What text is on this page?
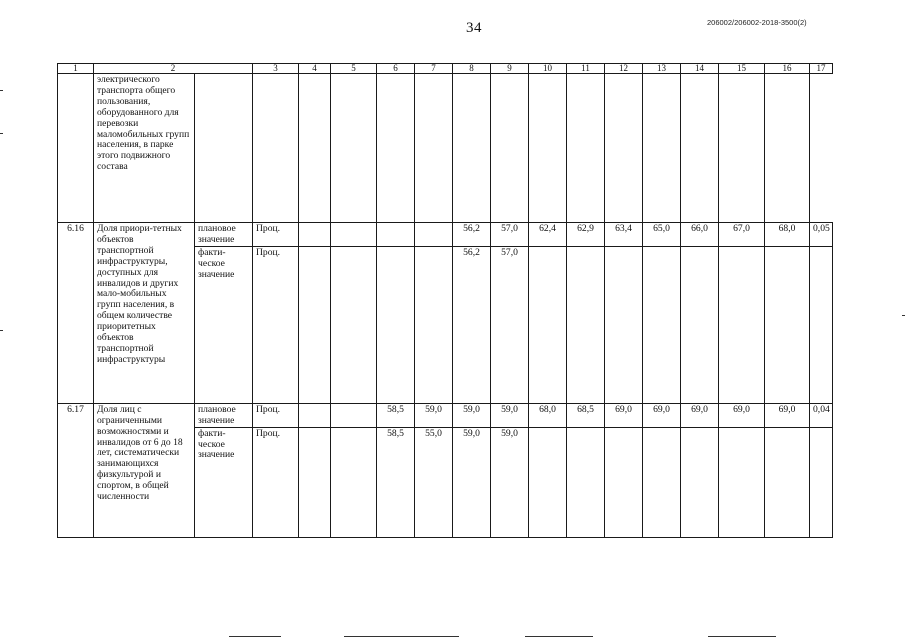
34	206002/206002-2018-3500(2)
1	2		3	4	5	6	7	8	9	10	11	12	13	14	15	16	17
	электрического транспорта общего пользования, оборудованного для перевозки маломобильных групп населения, в парке этого подвижного состава																
6.16	Доля приори-тетных объектов транспортной инфраструктуры, доступных для инвалидов и других мало-мобильных групп населения, в общем количестве приоритетных объектов транспортной инфраструктуры	плановое значение	Проц.					56,2	57,0	62,4	62,9	63,4	65,0	66,0	67,0	68,0	0,05
		факти-ческое значение	Проц.					56,2	57,0								
6.17	Доля лиц с ограниченными возможностями и инвалидов от 6 до 18 лет, систематически занимающихся физкультурой и спортом, в общей численности	плановое значение	Проц.			58,5	59,0	59,0	59,0	68,0	68,5	69,0	69,0	69,0	69,0	69,0	0,04
		факти-ческое значение	Проц.			58,5	55,0	59,0	59,0								
